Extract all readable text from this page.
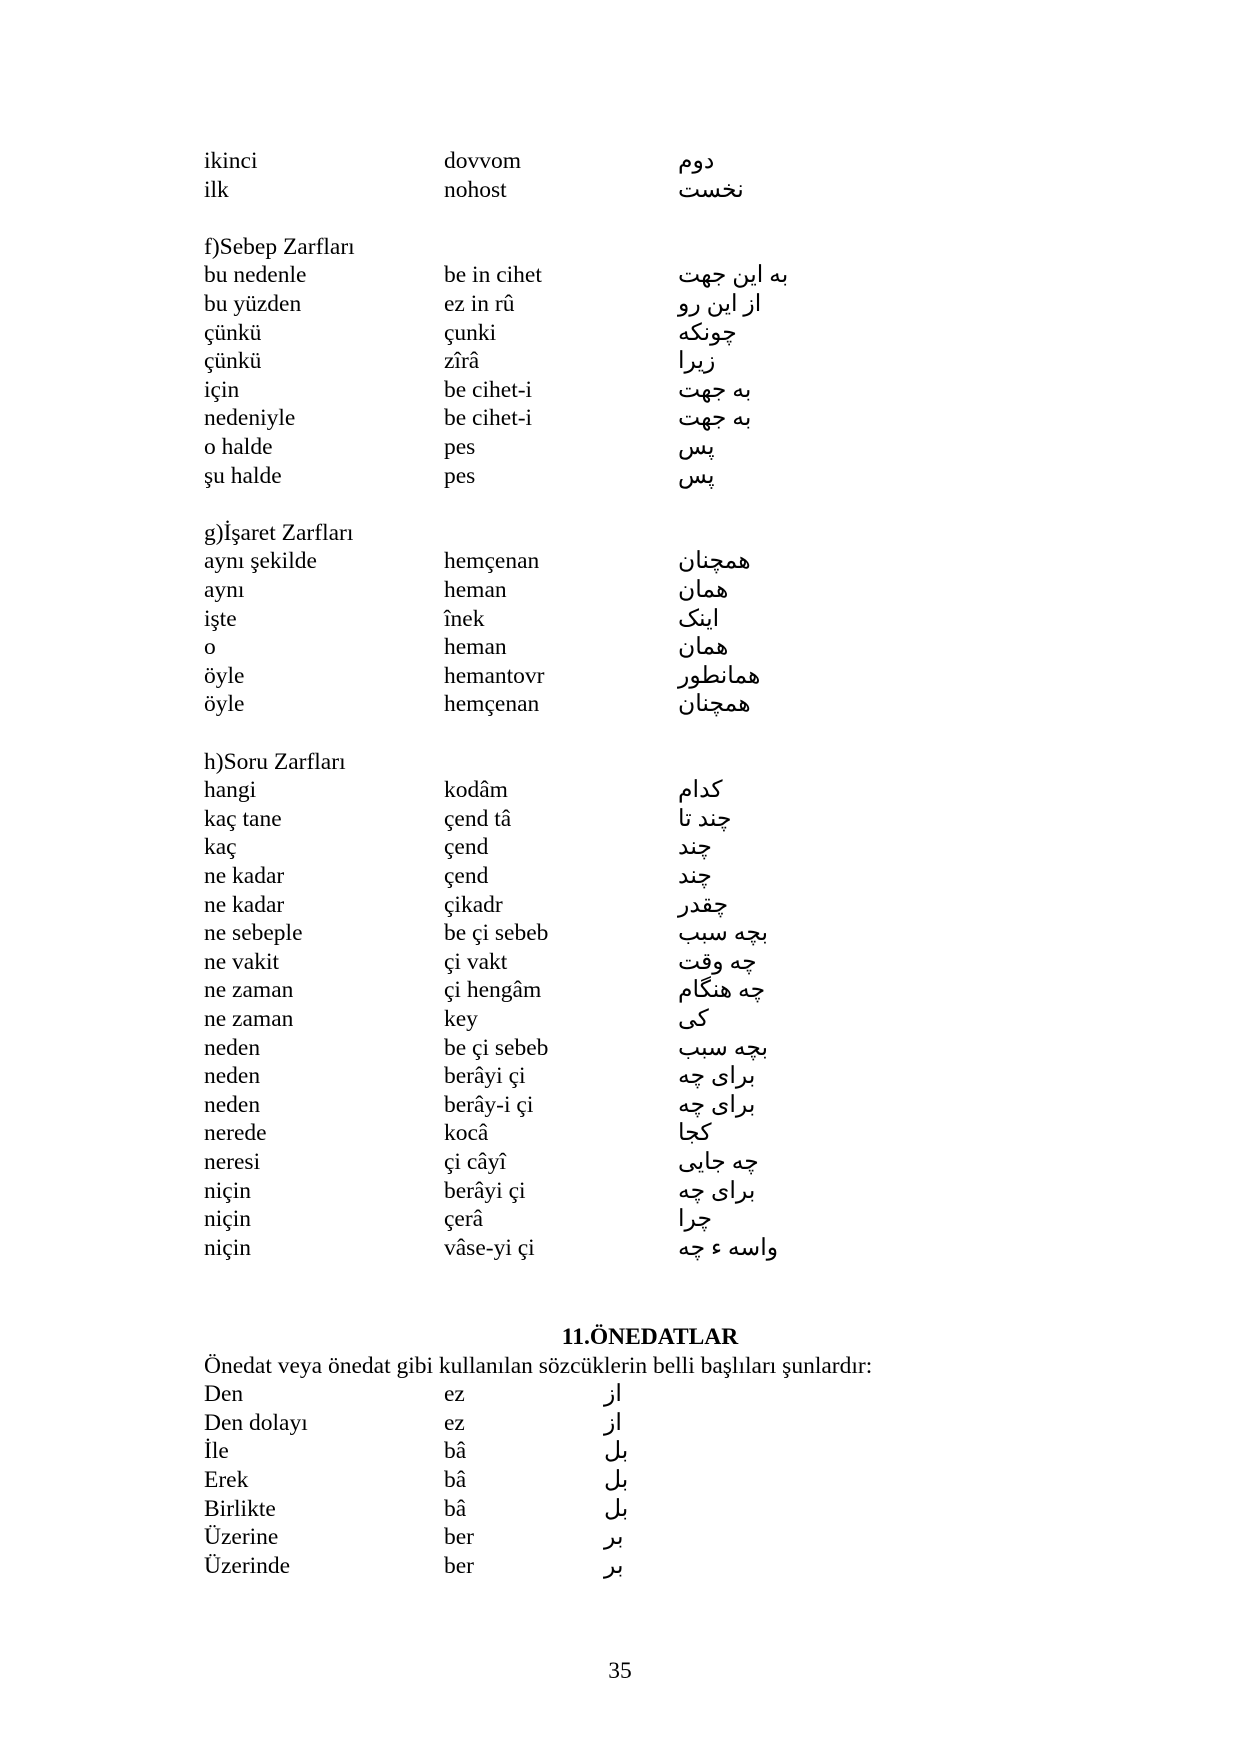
ikinci	dovvom	دوم
ilk	nohost	نخست
f)Sebep Zarfları
bu nedenle	be in cihet	به این جهت
bu yüzden	ez in rû	از این رو
çünkü	çunki	چونکه
çünkü	zîrâ	زیرا
için	be cihet-i	به جهت
nedeniyle	be cihet-i	به جهت
o halde	pes	پس
şu halde	pes	پس
g)İşaret Zarfları
aynı şekilde	hemçenan	همچنان
aynı	heman	همان
işte	înek	اینک
o	heman	همان
öyle	hemantovr	همانطور
öyle	hemçenan	همچنان
h)Soru Zarfları
hangi	kodâm	کدام
kaç tane	çend tâ	چند تا
kaç	çend	چند
ne kadar	çend	چند
ne kadar	çikadr	چقدر
ne sebeple	be çi sebeb	بچه سبب
ne vakit	çi vakt	چه وقت
ne zaman	çi hengâm	چه هنگام
ne zaman	key	کی
neden	be çi sebeb	بچه سبب
neden	berâyi çi	برای چه
neden	berây-i çi	برای چه
nerede	kocâ	کجا
neresi	çi câyî	چه جایی
niçin	berâyi çi	برای چه
niçin	çerâ	چرا
niçin	vâse-yi çi	واسه ء چه
11.ÖNEDATLAR
Önedat veya önedat gibi kullanılan sözcüklerin belli başlıları şunlardır:
Den	ez	از
Den dolayı	ez	از
İle	bâ	بل
Erek	bâ	بل
Birlikte	bâ	بل
Üzerine	ber	بر
Üzerinde	ber	بر
35
